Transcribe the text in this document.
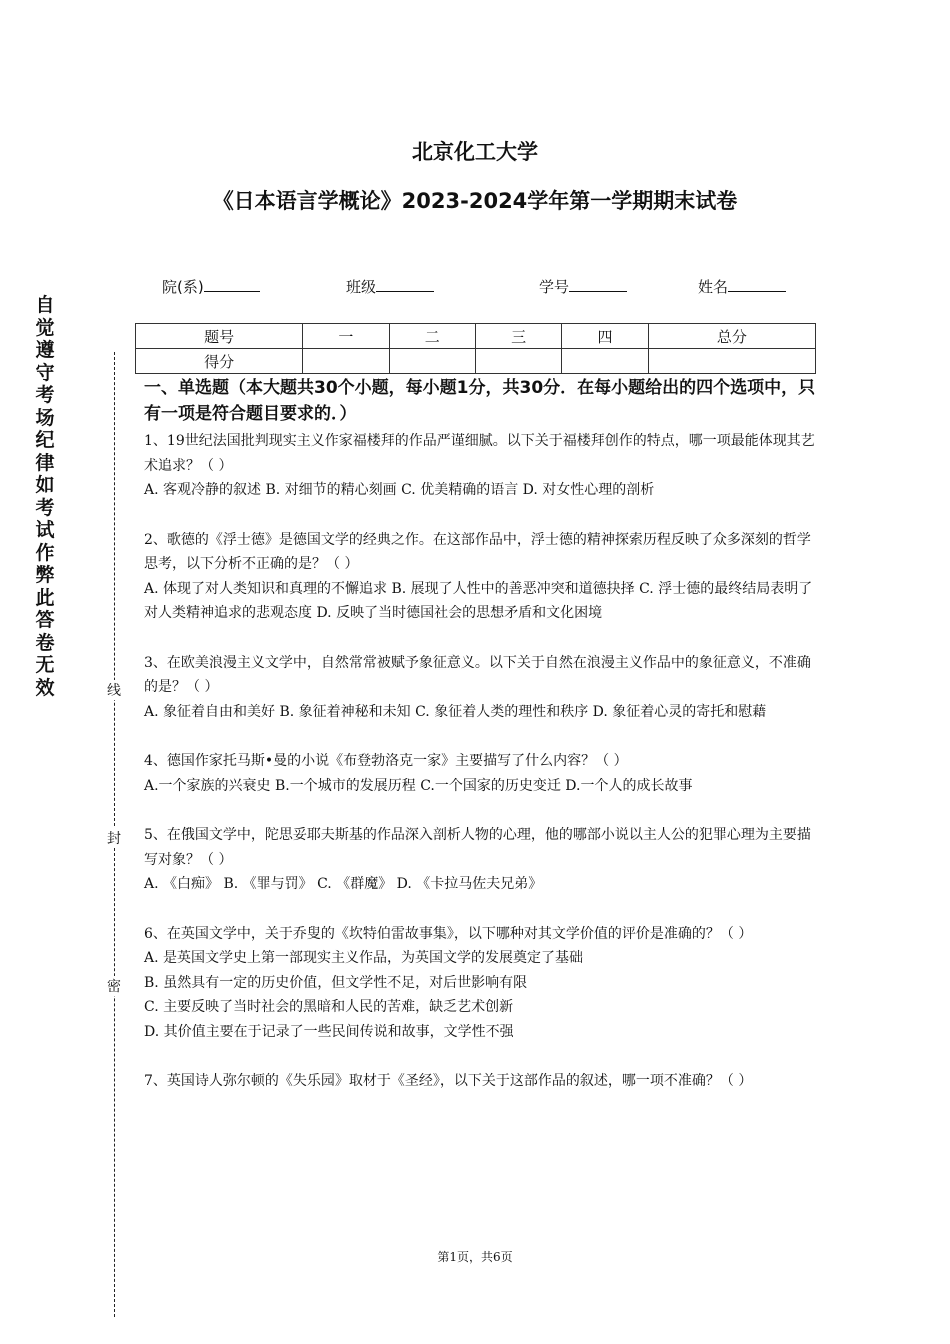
北京化工大学
《日本语言学概论》2023-2024学年第一学期期末试卷
院(系)	班级	学号	姓名
题号	一	二	三	四	总分
得分					
自觉遵守考场纪律如考试作弊此答卷无效	线
封
密
一、单选题（本大题共30个小题，每小题1分，共30分．在每小题给出的四个选项中，只有一项是符合题目要求的．）

1、19世纪法国批判现实主义作家福楼拜的作品严谨细腻。以下关于福楼拜创作的特点，哪一项最能体现其艺术追求？（ ）

A. 客观冷静的叙述 B. 对细节的精心刻画 C. 优美精确的语言 D. 对女性心理的剖析

2、歌德的《浮士德》是德国文学的经典之作。在这部作品中，浮士德的精神探索历程反映了众多深刻的哲学思考，以下分析不正确的是？（ ）

A. 体现了对人类知识和真理的不懈追求 B. 展现了人性中的善恶冲突和道德抉择 C. 浮士德的最终结局表明了对人类精神追求的悲观态度 D. 反映了当时德国社会的思想矛盾和文化困境

3、在欧美浪漫主义文学中，自然常常被赋予象征意义。以下关于自然在浪漫主义作品中的象征意义，不准确的是？（ ）

A. 象征着自由和美好 B. 象征着神秘和未知 C. 象征着人类的理性和秩序 D. 象征着心灵的寄托和慰藉

4、德国作家托马斯•曼的小说《布登勃洛克一家》主要描写了什么内容？（ ）

A.一个家族的兴衰史 B.一个城市的发展历程 C.一个国家的历史变迁 D.一个人的成长故事

5、在俄国文学中，陀思妥耶夫斯基的作品深入剖析人物的心理，他的哪部小说以主人公的犯罪心理为主要描写对象？（ ）

A. 《白痴》 B. 《罪与罚》 C. 《群魔》 D. 《卡拉马佐夫兄弟》

6、在英国文学中，关于乔叟的《坎特伯雷故事集》，以下哪种对其文学价值的评价是准确的？（ ）

A. 是英国文学史上第一部现实主义作品，为英国文学的发展奠定了基础

B. 虽然具有一定的历史价值，但文学性不足，对后世影响有限

C. 主要反映了当时社会的黑暗和人民的苦难，缺乏艺术创新

D. 其价值主要在于记录了一些民间传说和故事，文学性不强

7、英国诗人弥尔顿的《失乐园》取材于《圣经》，以下关于这部作品的叙述，哪一项不准确？（ ）

第1页，共6页
